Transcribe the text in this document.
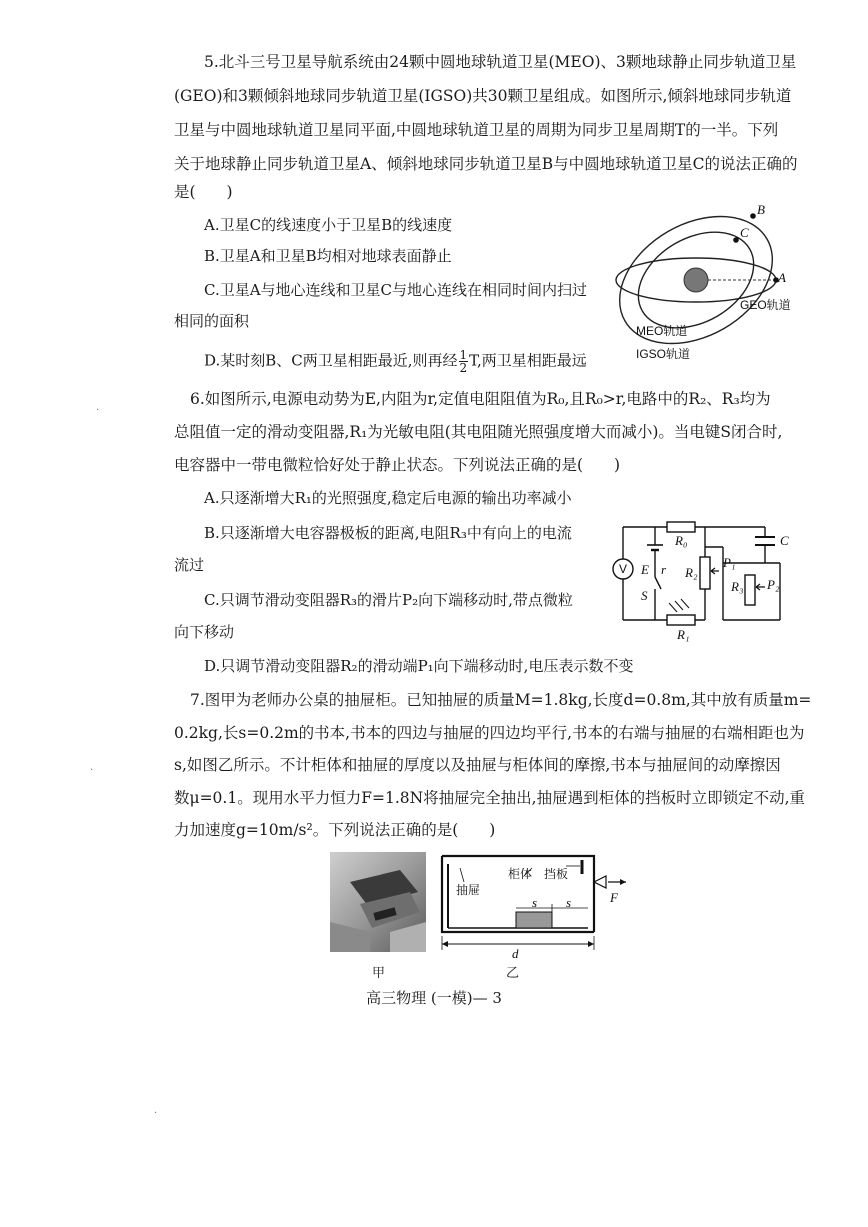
5.北斗三号卫星导航系统由24颗中圆地球轨道卫星(MEO)、3颗地球静止同步轨道卫星
(GEO)和3颗倾斜地球同步轨道卫星(IGSO)共30颗卫星组成。如图所示,倾斜地球同步轨道
卫星与中圆地球轨道卫星同平面,中圆地球轨道卫星的周期为同步卫星周期T的一半。下列
关于地球静止同步轨道卫星A、倾斜地球同步轨道卫星B与中圆地球轨道卫星C的说法正确的
是(　　)
A.卫星C的线速度小于卫星B的线速度
B.卫星A和卫星B均相对地球表面静止
C.卫星A与地心连线和卫星C与地心连线在相同时间内扫过
相同的面积
D.某时刻B、C两卫星相距最近,则再经 $\frac{1}{2} T$,两卫星相距最远
B
C
A
GEO轨道
MEO轨道
IGSO轨道
6.如图所示,电源电动势为E,内阻为r,定值电阻阻值为R₀,且R₀>r,电路中的R₂、R₃均为
总阻值一定的滑动变阻器,R₁为光敏电阻(其电阻随光照强度增大而减小)。当电键S闭合时,
电容器中一带电微粒恰好处于静止状态。下列说法正确的是(　　)
A.只逐渐增大R₁的光照强度,稳定后电源的输出功率减小
B.只逐渐增大电容器极板的距离,电阻R₃中有向上的电流
流过
C.只调节滑动变阻器R₃的滑片P₂向下端移动时,带点微粒
向下移动
D.只调节滑动变阻器R₂的滑动端P₁向下端移动时,电压表示数不变
V
R₀	C
P₁
E r R₂
R₃ P₂
S
R₁
7.图甲为老师办公桌的抽屉柜。已知抽屉的质量M=1.8kg,长度d=0.8m,其中放有质量m=
0.2kg,长s=0.2m的书本,书本的四边与抽屉的四边均平行,书本的右端与抽屉的右端相距也为
s,如图乙所示。不计柜体和抽屉的厚度以及抽屉与柜体间的摩擦,书本与抽屉间的动摩擦因
数μ=0.1。现用水平力恒力F=1.8N将抽屉完全抽出,抽屉遇到柜体的挡板时立即锁定不动,重
力加速度g=10m/s²。下列说法正确的是(　　)
甲
柜体 挡板
抽屉
s s	F
d
乙
高三物理 (一模)— 3
·
·
·
